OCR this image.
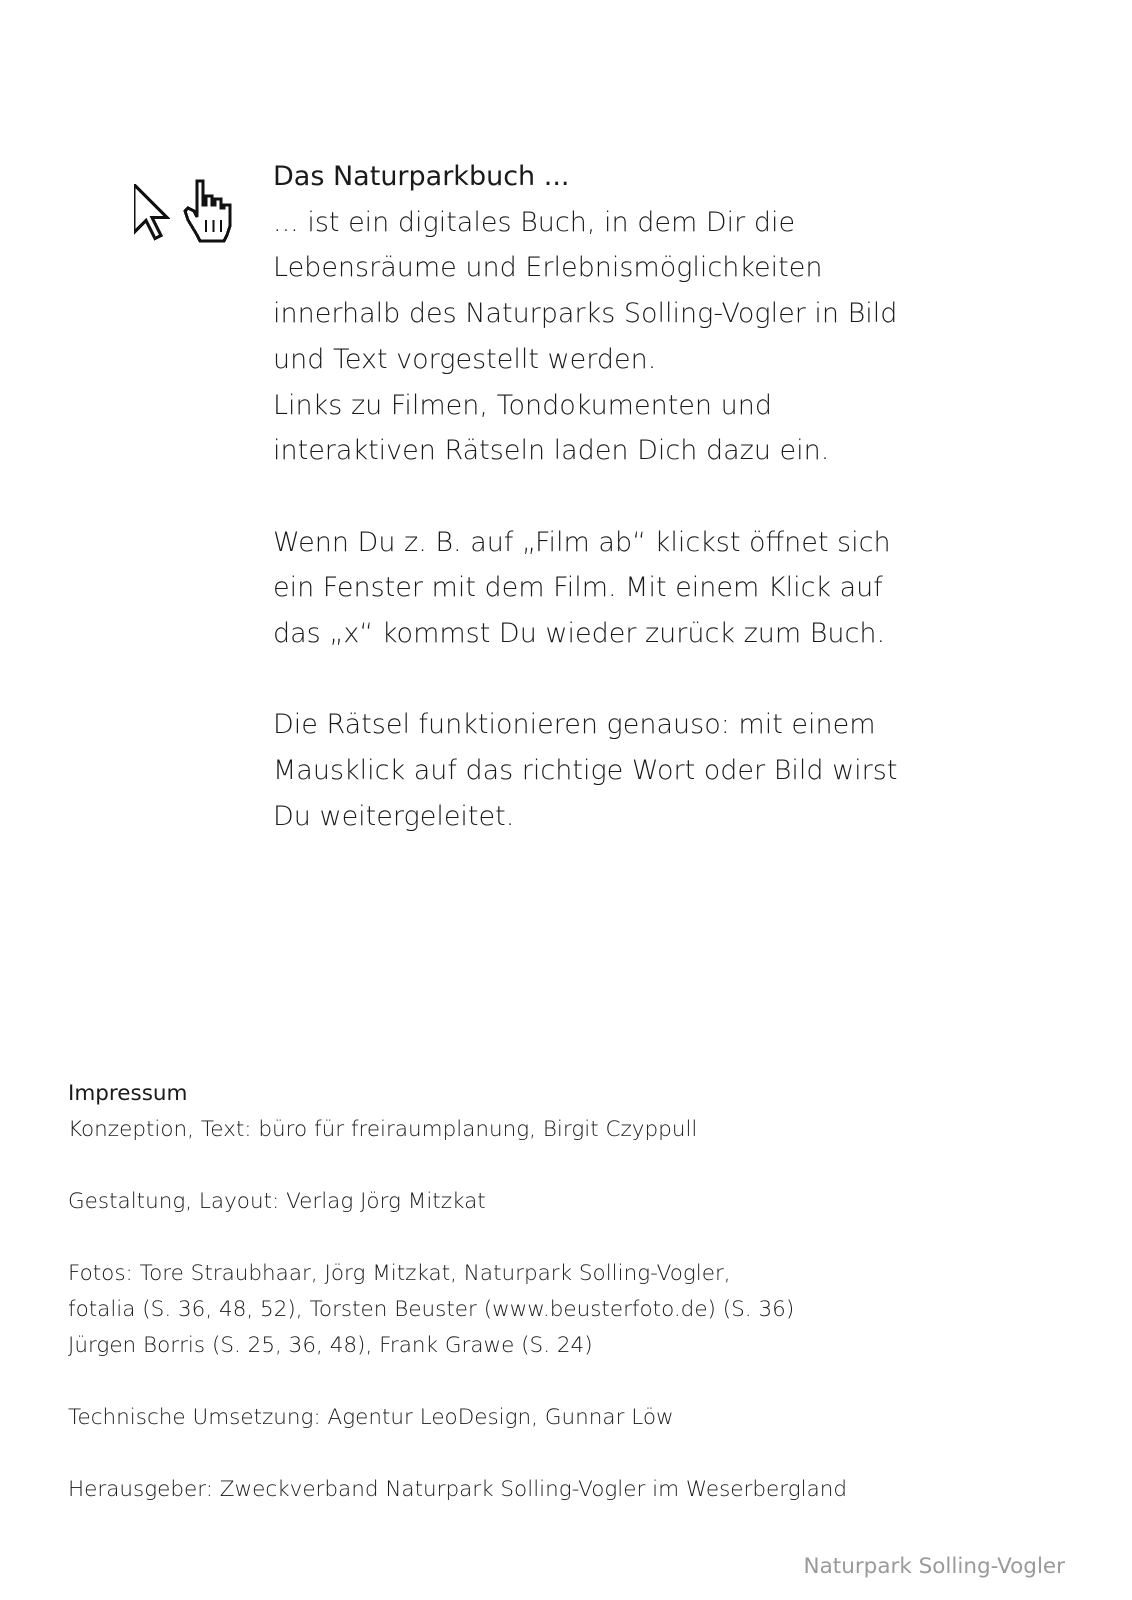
Das Naturparkbuch ...
... ist ein digitales Buch, in dem Dir die
Lebensräume und Erlebnismöglichkeiten
innerhalb des Naturparks Solling-Vogler in Bild
und Text vorgestellt werden.
Links zu Filmen, Tondokumenten und
interaktiven Rätseln laden Dich dazu ein.
Wenn Du z. B. auf „Film ab“ klickst öffnet sich
ein Fenster mit dem Film. Mit einem Klick auf
das „x“ kommst Du wieder zurück zum Buch.
Die Rätsel funktionieren genauso: mit einem
Mausklick auf das richtige Wort oder Bild wirst
Du weitergeleitet.
Impressum
Konzeption, Text: büro für freiraumplanung, Birgit Czyppull
Gestaltung, Layout: Verlag Jörg Mitzkat
Fotos: Tore Straubhaar, Jörg Mitzkat, Naturpark Solling-Vogler,
fotalia (S. 36, 48, 52), Torsten Beuster (www.beusterfoto.de) (S. 36)
Jürgen Borris (S. 25, 36, 48), Frank Grawe (S. 24)
Technische Umsetzung: Agentur LeoDesign, Gunnar Löw
Herausgeber: Zweckverband Naturpark Solling-Vogler im Weserbergland
Naturpark Solling-Vogler
